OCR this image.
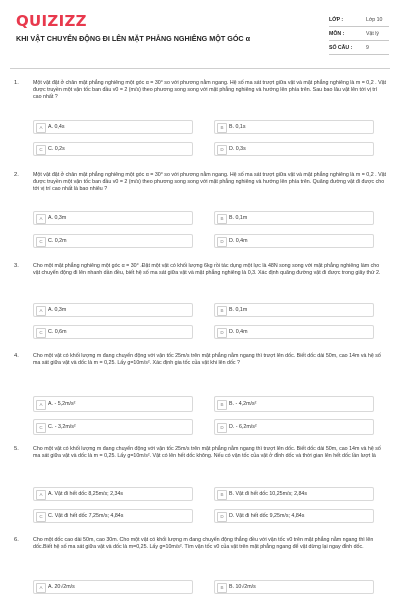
QUIZIZZ
KHI VẬT CHUYỂN ĐỘNG ĐI LÊN MẶT PHẲNG NGHIÊNG MỘT GÓC α
LỚP :	Lớp 10
MÔN :	Vật lý
SỐ CÂU :	9
1.	Một vật đặt ở chân mặt phẳng nghiêng một góc α = 30° so với phương nằm ngang. Hệ số ma sát trượt giữa vật và mặt phẳng nghiêng là m = 0,2 . Vật được truyền một vận tốc ban đầu v0 = 2 (m/s) theo phương song song với mặt phẳng nghiêng và hướng lên phía trên. Sau bao lâu vật lên tới vị trí cao nhất ?
A	A. 0,4s	B	B. 0,1s
C	C. 0,2s	D	D. 0,3s
2.	Một vật đặt ở chân mặt phẳng nghiêng một góc α = 30° so với phương nằm ngang. Hệ số ma sát trượt giữa vật và mặt phẳng nghiêng là m = 0,2 . Vật được truyền một vận tốc ban đầu v0 = 2 (m/s) theo phương song song với mặt phẳng nghiêng và hướng lên phía trên. Quãng đường vật đi được cho tới vị trí cao nhất là bao nhiêu ?
A	A. 0,3m	B	B. 0,1m
C	C. 0,2m	D	D. 0,4m
3.	Cho một mặt phẳng nghiêng một góc α = 30° .Đặt một vật có khối lượng 6kg rồi tác dụng một lực là 48N song song với mặt phẳng nghiêng làm cho vật chuyển động đi lên nhanh dần đều, biết hệ số ma sát giữa vật và mặt phẳng nghiêng là 0,3. Xác định quãng đường vật đi được trong giây thứ 2.
A	A. 0,3m	B	B. 0,1m
C	C. 0,6m	D	D. 0,4m
4.	Cho một vật có khối lượng m đang chuyển động với vận tốc 25m/s trên mặt phẳng nằm ngang thì trượt lên dốc. Biết dốc dài 50m, cao 14m và hệ số ma sát giữa vật và dốc là m = 0,25. Lấy g=10m/s². Xác định gia tốc của vật khi lên dốc ?
A	A. - 5,2m/s²	B	B. - 4,2m/s²
C	C. - 3,2m/s²	D	D. - 6,2m/s²
5.	Cho một vật có khối lượng m đang chuyển động với vận tốc 25m/s trên mặt phẳng nằm ngang thì trượt lên dốc. Biết dốc dài 50m, cao 14m và hệ số ma sát giữa vật và dốc là m = 0,25. Lấy g=10m/s². Vật có lên hết dốc không. Nếu có vận tốc của vật ở đỉnh dốc và thời gian lên hết dốc lần lượt là
A	A. Vật đi hết dốc 8,25m/s; 2,34s	B	B. Vật đi hết dốc 10,25m/s; 2,84s
C	C. Vật đi hết dốc 7,25m/s; 4,84s	D	D. Vật đi hết dốc 9,25m/s; 4,84s
6.	Cho một dốc cao dài 50m, cao 30m. Cho một vật có khối lượng m đang chuyển động thẳng đều với vận tốc v0 trên mặt phẳng nằm ngang thì lên dốc.Biết hệ số ma sát giữa vật và dốc là m=0,25. Lấy g=10m/s². Tìm vận tốc v0 của vật trên mặt phẳng ngang để vật dừng lại ngay đỉnh dốc.
A	A. 20√2m/s	B	B. 10√2m/s
